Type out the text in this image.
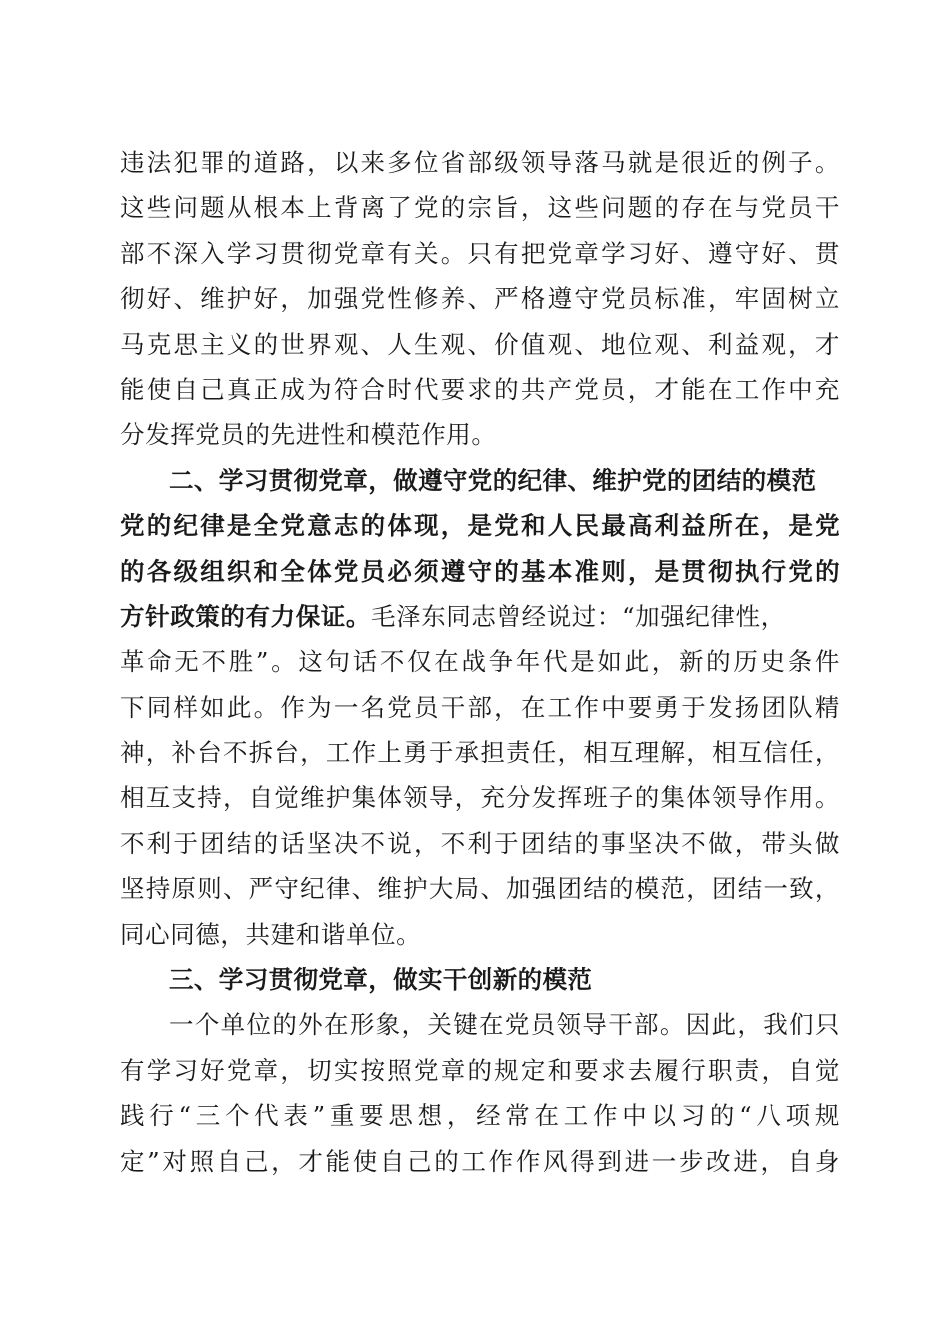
违法犯罪的道路，以来多位省部级领导落马就是很近的例子。
这些问题从根本上背离了党的宗旨，这些问题的存在与党员干
部不深入学习贯彻党章有关。只有把党章学习好、遵守好、贯
彻好、维护好，加强党性修养、严格遵守党员标准，牢固树立
马克思主义的世界观、人生观、价值观、地位观、利益观，才
能使自己真正成为符合时代要求的共产党员，才能在工作中充
分发挥党员的先进性和模范作用。
二、学习贯彻党章，做遵守党的纪律、维护党的团结的模范
党的纪律是全党意志的体现，是党和人民最高利益所在，是党
的各级组织和全体党员必须遵守的基本准则，是贯彻执行党的
方针政策的有力保证。毛泽东同志曾经说过：“加强纪律性，
革命无不胜”。这句话不仅在战争年代是如此，新的历史条件
下同样如此。作为一名党员干部，在工作中要勇于发扬团队精
神，补台不拆台，工作上勇于承担责任，相互理解，相互信任，
相互支持，自觉维护集体领导，充分发挥班子的集体领导作用。
不利于团结的话坚决不说，不利于团结的事坚决不做，带头做
坚持原则、严守纪律、维护大局、加强团结的模范，团结一致，
同心同德，共建和谐单位。
三、学习贯彻党章，做实干创新的模范
一个单位的外在形象，关键在党员领导干部。因此，我们只
有学习好党章，切实按照党章的规定和要求去履行职责，自觉
践行“三个代表”重要思想，经常在工作中以习的“八项规
定”对照自己，才能使自己的工作作风得到进一步改进，自身
